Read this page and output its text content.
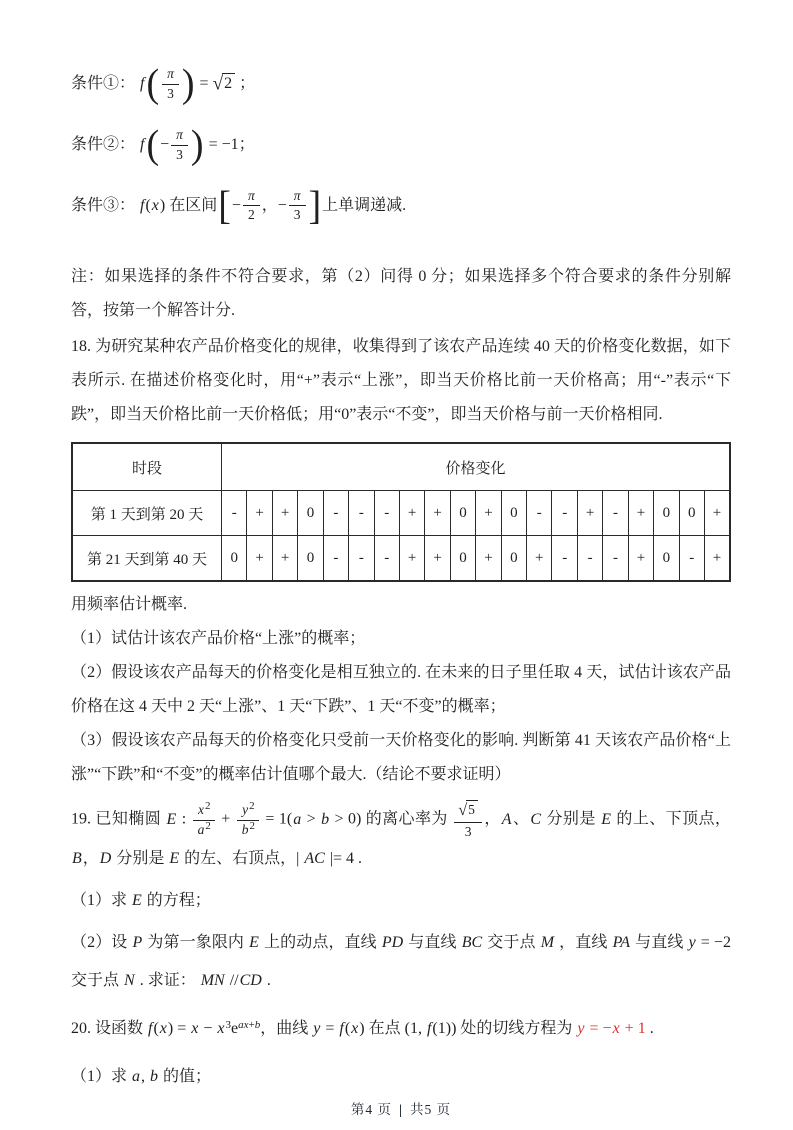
条件①： $f( \frac{\pi}{3}$ ) = √ 2 ；
条件②： $f(- \frac{\pi}{3}$ ) = −1；
条件③： f(x) 在区间[− $\frac{\pi}{2}$ ，− $\frac{\pi}{3}$ ]上单调递减.

注：如果选择的条件不符合要求，第（2）问得 0 分；如果选择多个符合要求的条件分别解答，按第一个解答计分.

18. 为研究某种农产品价格变化的规律，收集得到了该农产品连续 40 天的价格变化数据，如下表所示. 在描述价格变化时，用“+”表示“上涨”，即当天价格比前一天价格高；用“-”表示“下跌”，即当天价格比前一天价格低；用“0”表示“不变”，即当天价格与前一天价格相同.

时段	价格变化																			
第 1 天到第 20 天	-	+	+	0	-	-	-	+	+	0	+	0	-	-	+	-	+	0	0	+
第 21 天到第 40 天	0	+	+	0	-	-	-	+	+	0	+	0	+	-	-	-	+	0	-	+

用频率估计概率.

（1）试估计该农产品价格“上涨”的概率；

（2）假设该农产品每天的价格变化是相互独立的. 在未来的日子里任取 4 天，试估计该农产品价格在这 4 天中 2 天“上涨”、1 天“下跌”、1 天“不变”的概率；

（3）假设该农产品每天的价格变化只受前一天价格变化的影响. 判断第 41 天该农产品价格“上涨”“下跌”和“不变”的概率估计值哪个最大.（结论不要求证明）

19. 已知椭圆 E : $\frac{x^2}{a^2} + \frac{y^2}{b^2} = 1(a > b > 0)$ 的离心率为 $\frac{√ 5}{3}$ ，A、C 分别是 E 的上、下顶点，B，D 分别是 E 的左、右顶点，| AC |= 4 .
（1）求 E 的方程；
（2）设 P 为第一象限内 E 上的动点，直线 PD 与直线 BC 交于点 M ，直线 PA 与直线 y = −2 交于点 N . 求证： MN //CD .
20. 设函数 $f(x) = x - x^3e^{ax+b}$，曲线 y = f(x) 在点 (1, f(1)) 处的切线方程为 y = −x + 1 .
（1）求 a, b 的值；
第4 页 | 共5 页
